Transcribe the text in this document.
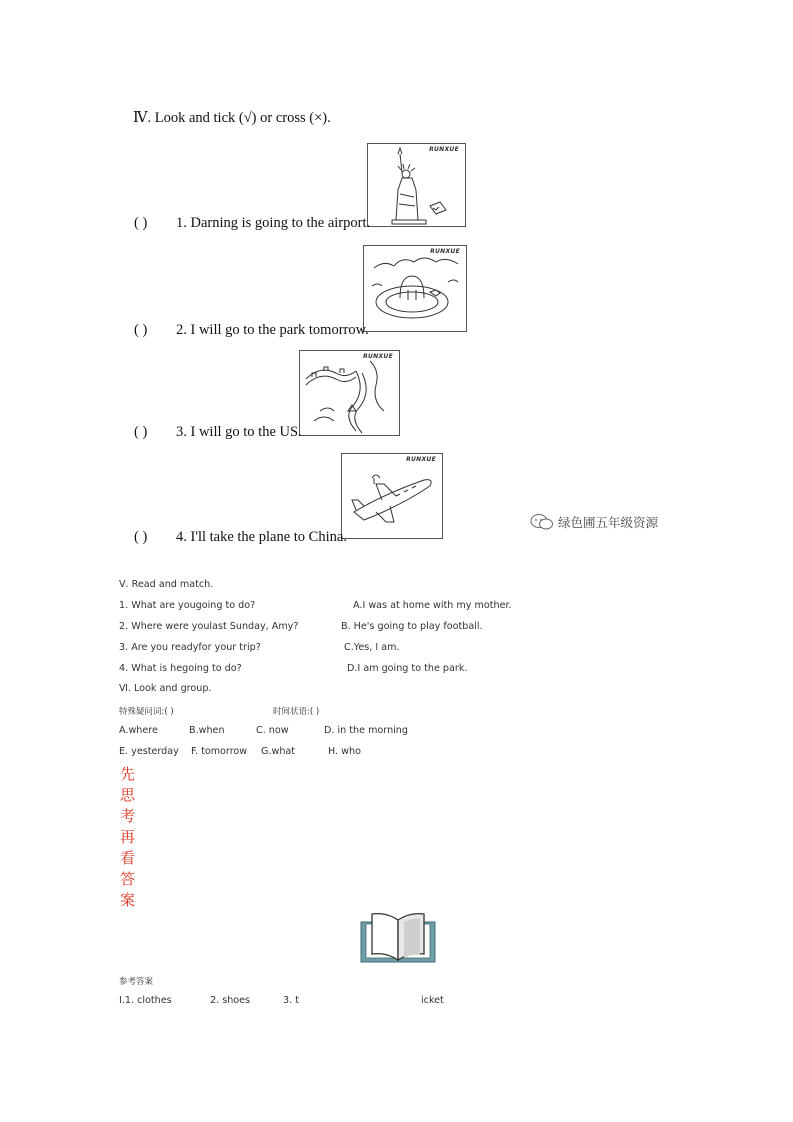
Ⅳ. Look and tick (√) or cross (×).
RUNXUE
( ) 1. Darning is going to the airport.
RUNXUE
( ) 2. I will go to the park tomorrow.
RUNXUE
( ) 3. I will go to the US.
RUNXUE
( ) 4. I'll take the plane to China.
绿色圃五年级资源
Ⅴ. Read and match.
1. What are yougoing to do?	A.I was at home with my mother.
2. Where were youlast Sunday, Amy?	B. He's going to play football.
3. Are you readyfor your trip?	C.Yes, I am.
4. What is hegoing to do?	D.I am going to the park.
Ⅵ. Look and group.
特殊疑问词:( )	时间状语:( )
A.where	B.when	C. now	D. in the morning
E. yesterday F. tomorrow G.what	H. who
先
思
考
再
看
答
案
参考答案
I.1. clothes	2. shoes	3. t	icket
